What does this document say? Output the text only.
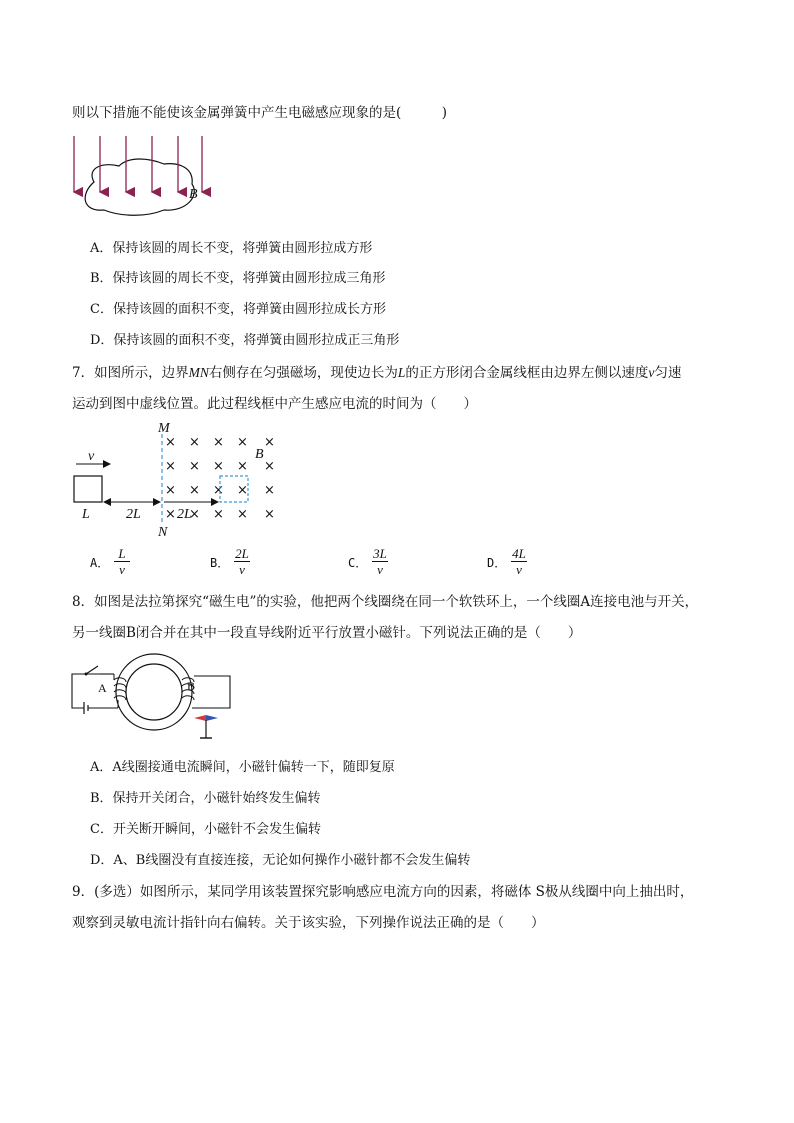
则以下措施不能使该金属弹簧中产生电磁感应现象的是(　　　)
B
A．保持该圆的周长不变，将弹簧由圆形拉成方形
B．保持该圆的周长不变，将弹簧由圆形拉成三角形
C．保持该圆的面积不变，将弹簧由圆形拉成长方形
D．保持该圆的面积不变，将弹簧由圆形拉成正三角形
7．如图所示，边界MN右侧存在匀强磁场，现使边长为L的正方形闭合金属线框由边界左侧以速度v匀速
运动到图中虚线位置。此过程线框中产生感应电流的时间为（　　）
M
N
× × × × ×
× × × × ×
× × × × ×
× × × × ×
B
v
L	2L	2L
A．
L
v	B．
2L
v	C．
3L
v	D．
4L
v
8．如图是法拉第探究“磁生电”的实验，他把两个线圈绕在同一个软铁环上，一个线圈A连接电池与开关，
另一线圈B闭合并在其中一段直导线附近平行放置小磁针。下列说法正确的是（　　）
A	B
A．A线圈接通电流瞬间，小磁针偏转一下，随即复原
B．保持开关闭合，小磁针始终发生偏转
C．开关断开瞬间，小磁针不会发生偏转
D．A、B线圈没有直接连接，无论如何操作小磁针都不会发生偏转
9．(多选）如图所示，某同学用该装置探究影响感应电流方向的因素，将磁体 S极从线圈中向上抽出时，
观察到灵敏电流计指针向右偏转。关于该实验，下列操作说法正确的是（　　）
